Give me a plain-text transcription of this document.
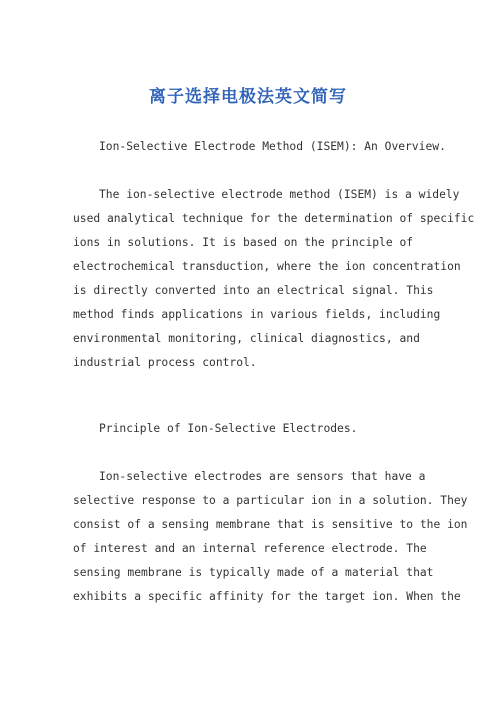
离子选择电极法英文简写

Ion-Selective Electrode Method (ISEM): An Overview.

The ion-selective electrode method (ISEM) is a widely
used analytical technique for the determination of specific
ions in solutions. It is based on the principle of
electrochemical transduction, where the ion concentration
is directly converted into an electrical signal. This
method finds applications in various fields, including
environmental monitoring, clinical diagnostics, and
industrial process control.

Principle of Ion-Selective Electrodes.

Ion-selective electrodes are sensors that have a
selective response to a particular ion in a solution. They
consist of a sensing membrane that is sensitive to the ion
of interest and an internal reference electrode. The
sensing membrane is typically made of a material that
exhibits a specific affinity for the target ion. When the
